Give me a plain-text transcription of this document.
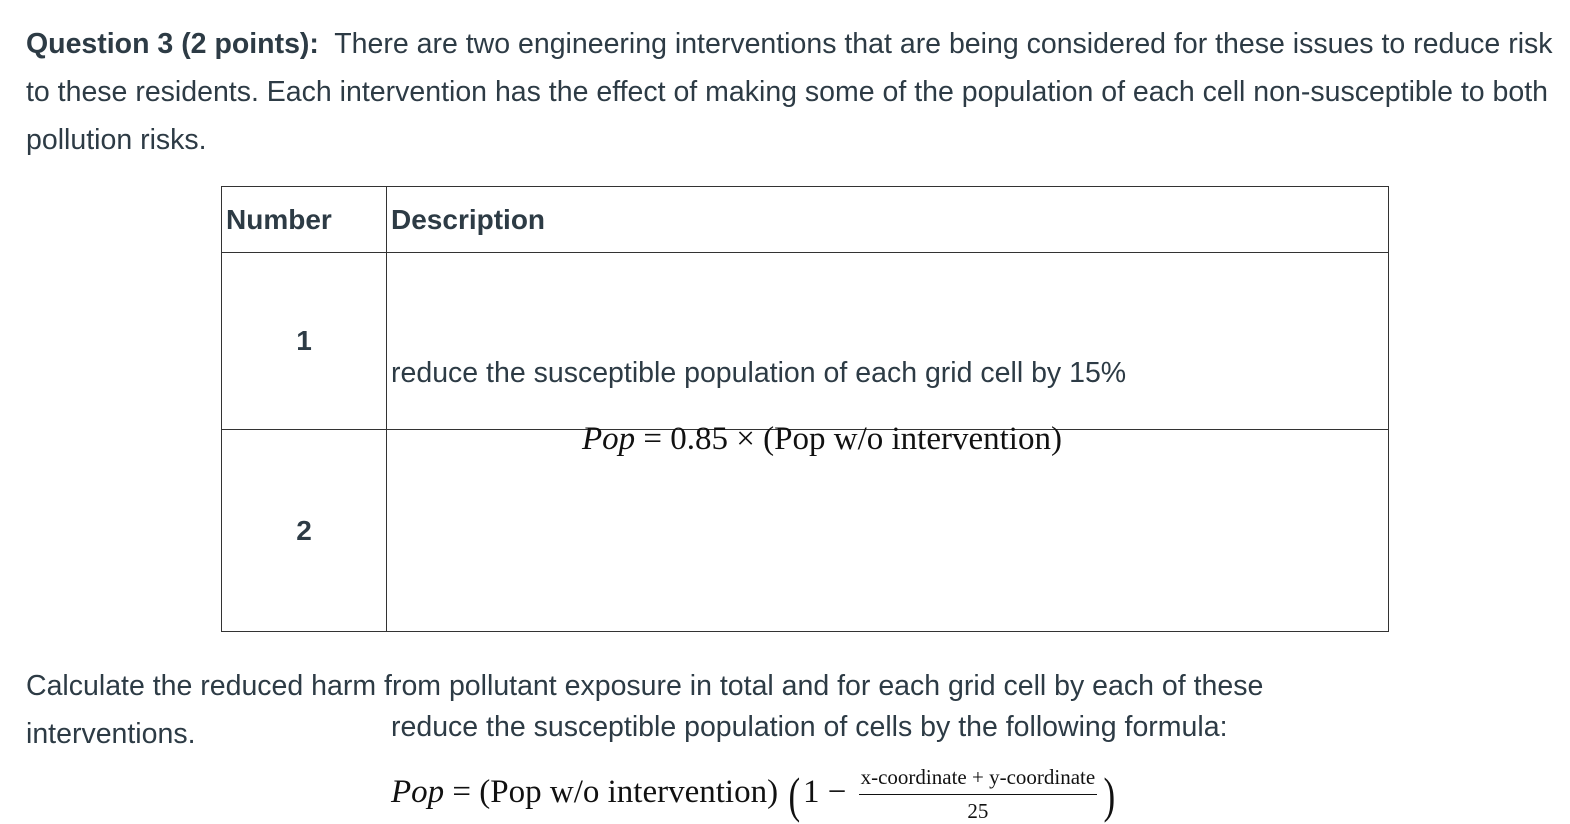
Question 3 (2 points): There are two engineering interventions that are being considered for these issues to reduce risk to these residents. Each intervention has the effect of making some of the population of each cell non-susceptible to both pollution risks.
Number	Description
1	reduce the susceptible population of each grid cell by 15%
Pop = 0.85 × (Pop w/o intervention)

2	reduce the susceptible population of cells by the following formula:
Pop = (Pop w/o intervention) ($1 - \frac{\text{x-coordinate + y-coordinate}}{25}$ )
Calculate the reduced harm from pollutant exposure in total and for each grid cell by each of these interventions.
